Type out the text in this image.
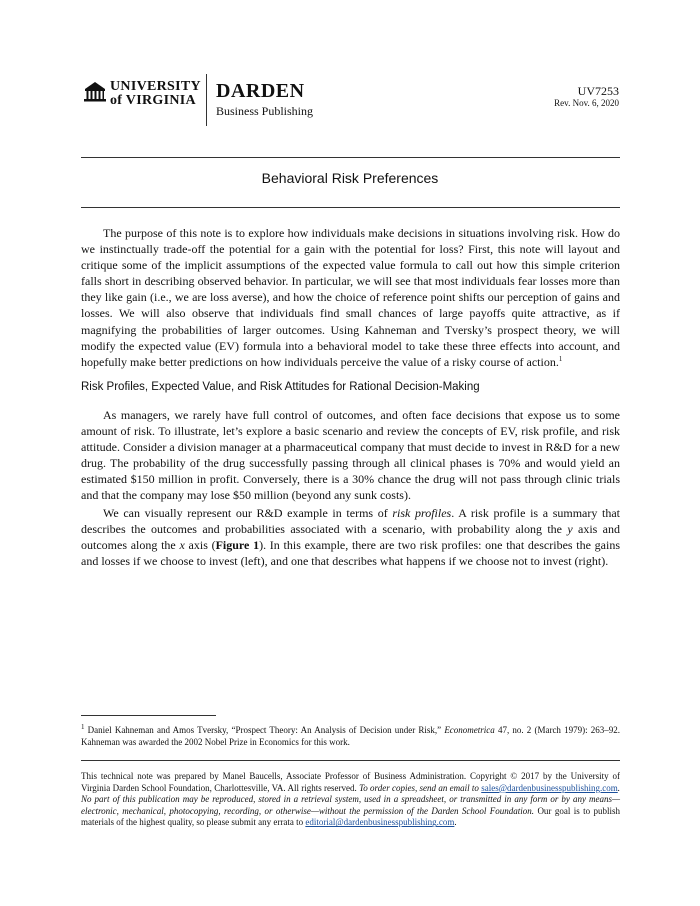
UNIVERSITY
of VIRGINIA DARDEN
Business Publishing
UV7253
Rev. Nov. 6, 2020
Behavioral Risk Preferences
The purpose of this note is to explore how individuals make decisions in situations involving risk. How do we instinctually trade-off the potential for a gain with the potential for loss? First, this note will layout and critique some of the implicit assumptions of the expected value formula to call out how this simple criterion falls short in describing observed behavior. In particular, we will see that most individuals fear losses more than they like gain (i.e., we are loss averse), and how the choice of reference point shifts our perception of gains and losses. We will also observe that individuals find small chances of large payoffs quite attractive, as if magnifying the probabilities of larger outcomes. Using Kahneman and Tversky’s prospect theory, we will modify the expected value (EV) formula into a behavioral model to take these three effects into account, and hopefully make better predictions on how individuals perceive the value of a risky course of action.$^1$
Risk Profiles, Expected Value, and Risk Attitudes for Rational Decision-Making
As managers, we rarely have full control of outcomes, and often face decisions that expose us to some amount of risk. To illustrate, let’s explore a basic scenario and review the concepts of EV, risk profile, and risk attitude. Consider a division manager at a pharmaceutical company that must decide to invest in R&D for a new drug. The probability of the drug successfully passing through all clinical phases is 70% and would yield an estimated $150 million in profit. Conversely, there is a 30% chance the drug will not pass through clinic trials and that the company may lose $50 million (beyond any sunk costs).
We can visually represent our R&D example in terms of risk profiles. A risk profile is a summary that describes the outcomes and probabilities associated with a scenario, with probability along the y axis and outcomes along the x axis (Figure 1). In this example, there are two risk profiles: one that describes the gains and losses if we choose to invest (left), and one that describes what happens if we choose not to invest (right).
$^1$ Daniel Kahneman and Amos Tversky, “Prospect Theory: An Analysis of Decision under Risk,” Econometrica 47, no. 2 (March 1979): 263–92. Kahneman was awarded the 2002 Nobel Prize in Economics for this work.
This technical note was prepared by Manel Baucells, Associate Professor of Business Administration. Copyright © 2017 by the University of Virginia Darden School Foundation, Charlottesville, VA. All rights reserved. To order copies, send an email to sales@dardenbusinesspublishing.com. No part of this publication may be reproduced, stored in a retrieval system, used in a spreadsheet, or transmitted in any form or by any means—electronic, mechanical, photocopying, recording, or otherwise—without the permission of the Darden School Foundation. Our goal is to publish materials of the highest quality, so please submit any errata to editorial@dardenbusinesspublishing.com.
